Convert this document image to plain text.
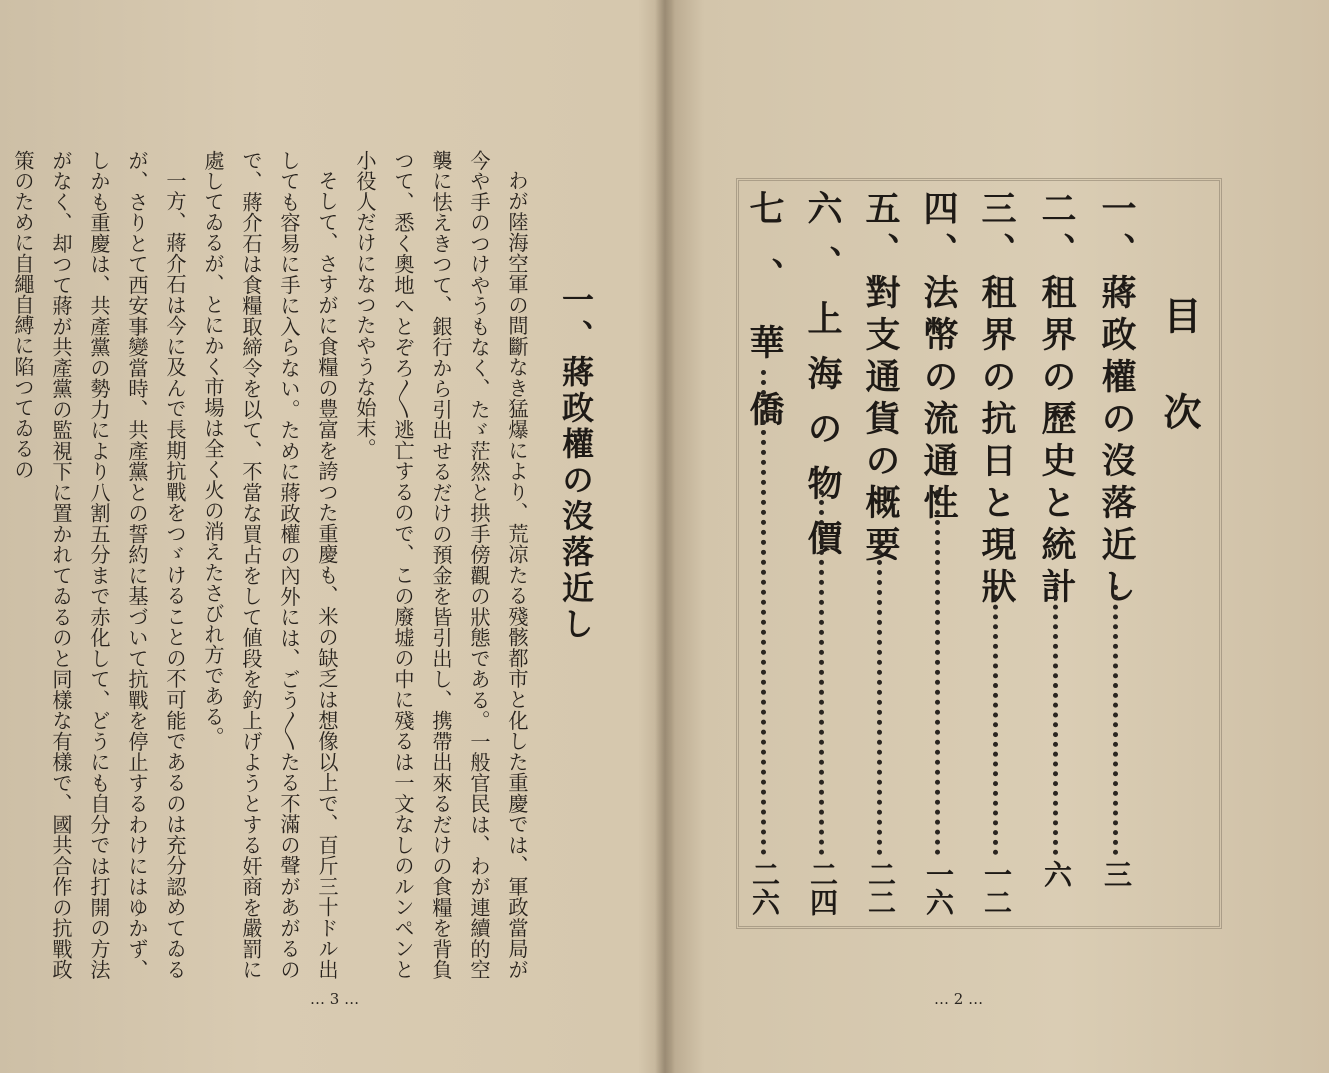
一、蔣政權の沒落近し

わが陸海空軍の間斷なき猛爆により、荒凉たる殘骸都市と化した重慶では、軍政當局が今や手のつけやうもなく、たゞ茫然と拱手傍觀の狀態である。一般官民は、わが連續的空襲に怯えきつて、銀行から引出せるだけの預金を皆引出し、携帶出來るだけの食糧を背負つて、悉く奧地へとぞろ〳〵逃亡するので、この廢墟の中に殘るは一文なしのルンペンと小役人だけになつたやうな始末。

そして、さすがに食糧の豊富を誇つた重慶も、米の缺乏は想像以上で、百斤三十ドル出しても容易に手に入らない。ために蔣政權の內外には、ごう〳〵たる不滿の聲があがるので、蔣介石は食糧取締令を以て、不當な買占をして値段を釣上げようとする奸商を嚴罰に處してゐるが、とにかく市場は全く火の消えたさびれ方である。

一方、蔣介石は今に及んで長期抗戰をつゞけることの不可能であるのは充分認めてゐるが、さりとて西安事變當時、共產黨との誓約に基づいて抗戰を停止するわけにはゆかず、しかも重慶は、共產黨の勢力により八割五分まで赤化して、どうにも自分では打開の方法がなく、却つて蔣が共產黨の監視下に置かれてゐるのと同樣な有樣で、國共合作の抗戰政策のために自繩自縛に陷つてゐるの

… 3 …
目次
一、蔣政權の沒落近し
三
二、租界の歷史と統計
六
三、租界の抗日と現狀
一二
四、法幣の流通性
一六
五、對支通貨の概要
二二
六、上海の物價
二四
七、華僑
二六
… 2 …
